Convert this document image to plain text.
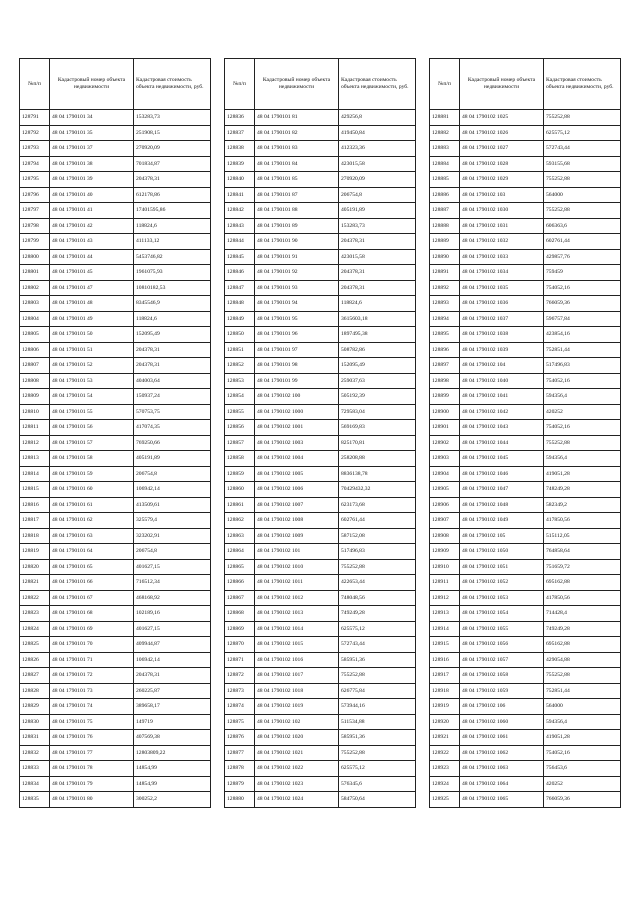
№п/п	Кадастровый номер объекта недвижимости	Кадастровая стоимость объекта недвижимости, руб.
128791	48 04 1790101 34	153283,73
128792	48 04 1790101 35	251908,15
128793	48 04 1790101 37	270920,09
128794	48 04 1790101 38	701834,87
128795	48 04 1790101 39	204378,31
128796	48 04 1790101 40	612178,86
128797	48 04 1790101 41	17401595,86
128798	48 04 1790101 42	118824,6
128799	48 04 1790101 43	411133,12
128800	48 04 1790101 44	5453746,82
128801	48 04 1790101 45	1961075,93
128802	48 04 1790101 47	10810182,53
128803	48 04 1790101 48	8345546,9
128804	48 04 1790101 49	118824,6
128805	48 04 1790101 50	152095,49
128806	48 04 1790101 51	204378,31
128807	48 04 1790101 52	204378,31
128808	48 04 1790101 53	404003,64
128809	48 04 1790101 54	150937,24
128810	48 04 1790101 55	570753,75
128811	48 04 1790101 56	417074,35
128812	48 04 1790101 57	769250,66
128813	48 04 1790101 58	405191,89
128814	48 04 1790101 59	206754,8
128815	48 04 1790101 60	106942,14
128816	48 04 1790101 61	413509,61
128817	48 04 1790101 62	325579,4
128818	48 04 1790101 63	323202,91
128819	48 04 1790101 64	206754,8
128820	48 04 1790101 65	401627,15
128821	48 04 1790101 66	716512,34
128822	48 04 1790101 67	468168,92
128823	48 04 1790101 68	102189,16
128824	48 04 1790101 69	401627,15
128825	48 04 1790101 70	409944,87
128826	48 04 1790101 71	106942,14
128827	48 04 1790101 72	204378,31
128828	48 04 1790101 73	260225,87
128829	48 04 1790101 74	389658,17
128830	48 04 1790101 75	149719
128831	48 04 1790101 76	407569,38
128832	48 04 1790101 77	12803809,22
128833	48 04 1790101 78	14854,99
128834	48 04 1790101 79	14854,99
128835	48 04 1790101 80	300252,2
№п/п	Кадастровый номер объекта недвижимости	Кадастровая стоимость объекта недвижимости, руб.
128836	48 04 1790101 81	429256,8
128837	48 04 1790101 82	419450,84
128838	48 04 1790101 83	412323,36
128839	48 04 1790101 84	423015,58
128840	48 04 1790101 85	270920,09
128841	48 04 1790101 87	206754,8
128842	48 04 1790101 88	405191,89
128843	48 04 1790101 89	153283,73
128844	48 04 1790101 90	204378,31
128845	48 04 1790101 91	423015,58
128846	48 04 1790101 92	204378,31
128847	48 04 1790101 93	204378,31
128848	48 04 1790101 94	118824,6
128849	48 04 1790101 95	3615603,18
128850	48 04 1790101 96	1897495,38
128851	48 04 1790101 97	508782,86
128852	48 04 1790101 98	152095,49
128853	48 04 1790101 99	259037,63
128854	48 04 1790102 100	505192,39
128855	48 04 1790102 1000	729583,04
128856	48 04 1790102 1001	569169,83
128857	48 04 1790102 1003	825170,81
128858	48 04 1790102 1004	258208,88
128859	48 04 1790102 1005	8836138,78
128860	48 04 1790102 1006	70429432,32
128861	48 04 1790102 1007	623173,68
128862	48 04 1790102 1008	602761,44
128863	48 04 1790102 1009	587152,08
128864	48 04 1790102 101	517496,83
128865	48 04 1790102 1010	755252,88
128866	48 04 1790102 1011	422653,44
128867	48 04 1790102 1012	748048,56
128868	48 04 1790102 1013	749249,28
128869	48 04 1790102 1014	625575,12
128870	48 04 1790102 1015	572743,44
128871	48 04 1790102 1016	585951,36
128872	48 04 1790102 1017	755252,88
128873	48 04 1790102 1018	626775,84
128874	48 04 1790102 1019	573944,16
128875	48 04 1790102 102	511534,88
128876	48 04 1790102 1020	585951,36
128877	48 04 1790102 1021	755252,88
128878	48 04 1790102 1022	625575,12
128879	48 04 1790102 1023	576345,6
128880	48 04 1790102 1024	584750,64
№п/п	Кадастровый номер объекта недвижимости	Кадастровая стоимость объекта недвижимости, руб.
128881	48 04 1790102 1025	755252,88
128882	48 04 1790102 1026	625575,12
128883	48 04 1790102 1027	572743,44
128884	48 04 1790102 1028	593155,68
128885	48 04 1790102 1029	755252,88
128886	48 04 1790102 103	564000
128887	48 04 1790102 1030	755252,88
128888	48 04 1790102 1031	606363,6
128889	48 04 1790102 1032	602761,44
128890	48 04 1790102 1033	429857,76
128891	48 04 1790102 1034	759459
128892	48 04 1790102 1035	754052,16
128893	48 04 1790102 1036	766059,36
128894	48 04 1790102 1037	596757,84
128895	48 04 1790102 1038	423854,16
128896	48 04 1790102 1039	752851,44
128897	48 04 1790102 104	517496,83
128898	48 04 1790102 1040	754052,16
128899	48 04 1790102 1041	594356,4
128900	48 04 1790102 1042	420252
128901	48 04 1790102 1043	754052,16
128902	48 04 1790102 1044	755252,88
128903	48 04 1790102 1045	594356,4
128904	48 04 1790102 1046	419051,28
128905	48 04 1790102 1047	748249,28
128906	48 04 1790102 1048	582349,2
128907	48 04 1790102 1049	417850,56
128908	48 04 1790102 105	515112,05
128909	48 04 1790102 1050	764858,64
128910	48 04 1790102 1051	751659,72
128911	48 04 1790102 1052	695162,88
128912	48 04 1790102 1053	417850,56
128913	48 04 1790102 1054	714428,4
128914	48 04 1790102 1055	749249,28
128915	48 04 1790102 1056	695162,88
128916	48 04 1790102 1057	429054,88
128917	48 04 1790102 1058	755252,88
128918	48 04 1790102 1059	752851,44
128919	48 04 1790102 106	564000
128920	48 04 1790102 1060	594356,4
128921	48 04 1790102 1061	419051,28
128922	48 04 1790102 1062	754052,16
128923	48 04 1790102 1063	756453,6
128924	48 04 1790102 1064	420252
128925	48 04 1790102 1065	766059,36
